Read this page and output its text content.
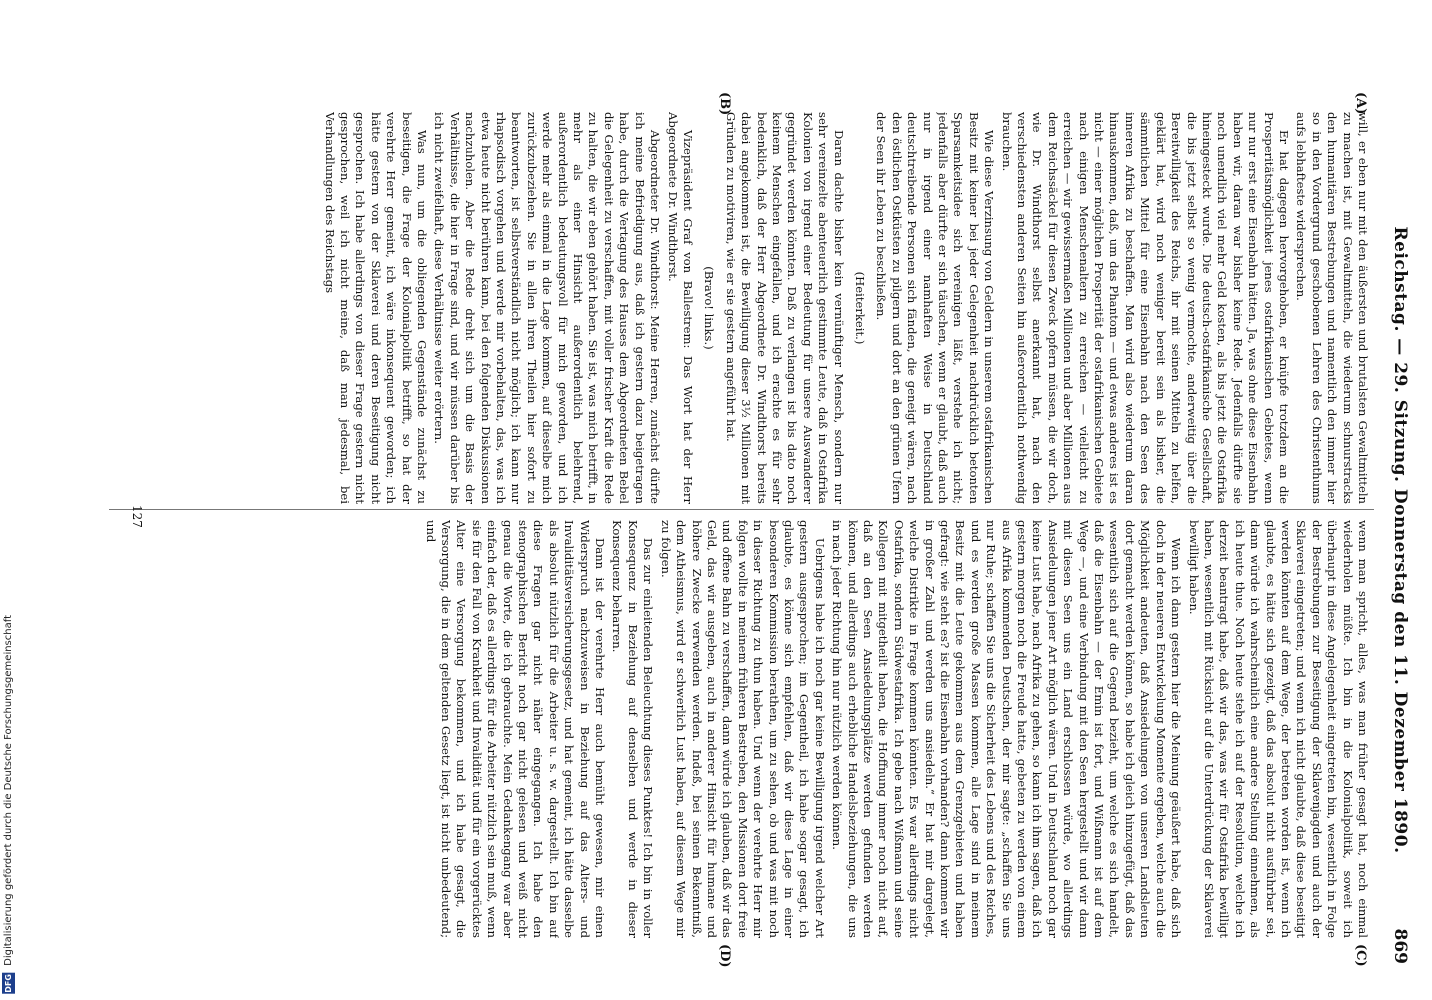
Reichstag. — 29. Sitzung. Donnerstag den 11. Dezember 1890.
869
(A)
(B)
(C)
(D)

will, er eben nur mit den äußersten und brutalsten Gewaltmitteln zu machen ist, mit Gewaltmitteln, die wiederum schnurstracks den humanitären Bestrebungen und namentlich den immer hier so in den Vordergrund geschobenen Lehren des Christenthums aufs lebhafteste widersprechen.

Er hat dagegen hervorgehoben, er knüpfe trotzdem an die Prosperitätsmöglichkeit jenes ostafrikanischen Gebietes, wenn nur nur erst eine Eisenbahn hätten. Ja, was ohne diese Eisenbahn haben wir, daran war bisher keine Rede. Jedenfalls dürfte sie noch unendlich viel mehr Geld kosten, als bis jetzt die Ostafrika hineingesteckt wurde. Die deutsch-ostafrikanische Gesellschaft, die bis jetzt selbst so wenig vermochte, anderweitig über die Bereitwilligkeit des Reichs, ihr mit seinen Mitteln zu helfen, geklärt hat, wird noch weniger bereit sein als bisher, die sämmtlichen Mittel für eine Eisenbahn nach den Seen des inneren Afrika zu beschaffen. Man wird also wiederum daran hinauskommen, daß, um das Phantom — und etwas anderes ist es nicht — einer möglichen Prosperität der ostafrikanischen Gebiete nach einigen Menschenaltern zu erreichen — vielleicht zu erreichen — wir gewissermaßen Millionen und aber Millionen aus dem Reichssäckel für diesen Zweck opfern müssen, die wir doch, wie Dr. Windthorst selbst anerkannt hat, nach den verschiedensten anderen Seiten hin außerordentlich nothwendig brauchen.

Wie diese Verzinsung von Geldern in unserem ostafrikanischen Besitz mit keiner bei jeder Gelegenheit nachdrücklich betonten Sparsamkeitsidee sich vereinigen läßt, verstehe ich nicht; jedenfalls aber dürfte er sich täuschen, wenn er glaubt, daß auch nur in irgend einer namhaften Weise in Deutschland deutschtreibende Personen sich fänden, die geneigt wären, nach den östlichen Ostküsten zu pilgern und dort an den grünen Ufern der Seen ihr Leben zu beschließen.

(Heiterkeit.)

Daran dachte bisher kein vernünftiger Mensch, sondern nur sehr vereinzelte abenteuerlich gestimmte Leute, daß in Ostafrika Kolonien von irgend einer Bedeutung für unsere Auswanderer gegründet werden könnten. Daß zu verlangen ist bis dato noch keinem Menschen eingefallen, und ich erachte es für sehr bedenklich, daß der Herr Abgeordnete Dr. Windthorst bereits dabei angekommen ist, die Bewilligung dieser 3½ Millionen mit Gründen zu motiviren, wie er sie gestern angeführt hat.

(Bravo! links.)

Vizepräsident Graf von Ballestrem: Das Wort hat der Herr Abgeordnete Dr. Windthorst.

Abgeordneter Dr. Windthorst: Meine Herren, zunächst dürfte ich meine Befriedigung aus, daß ich gestern dazu beigetragen habe, durch die Vertagung des Hauses dem Abgeordneten Bebel die Gelegenheit zu verschaffen, mit voller frischer Kraft die Rede zu halten, die wir eben gehört haben. Sie ist, was mich betrifft, in mehr als einer Hinsicht außerordentlich belehrend, außerordentlich bedeutungsvoll für mich geworden, und ich werde mehr als einmal in die Lage kommen, auf dieselbe mich zurückzubeziehen. Sie in allen ihren Theilen hier sofort zu beantworten, ist selbstverständlich nicht möglich; ich kann nur rhapsodisch vorgehen und werde mir vorbehalten, das, was ich etwa heute nicht berühren kann, bei den folgenden Diskussionen nachzuholen. Aber die Rede dreht sich um die Basis der Verhältnisse, die hier in Frage sind, und wir müssen darüber bis ich nicht zweifelhaft, diese Verhältnisse weiter erörtern.

Was nun, um die obliegenden Gegenstände zunächst zu beseitigen, die Frage der Kolonialpolitik betrifft, so hat der verehrte Herr gemeint, ich wäre inkonsequent geworden; ich hätte gestern von der Sklaverei und deren Beseitigung nicht gesprochen. Ich habe allerdings von dieser Frage gestern nicht gesprochen, weil ich nicht meine, daß man jedesmal, bei Verhandlungen des Reichstags

wenn man spricht, alles, was man früher gesagt hat, noch einmal wiederholen müßte. Ich bin in die Kolonialpolitik, soweit ich überhaupt in diese Angelegenheit eingetreten bin, wesentlich in Folge der Bestrebungen zur Beseitigung der Sklavenjagden und auch der Sklaverei eingetreten; und wenn ich nicht glaubte, daß diese beseitigt werden könnten auf dem Wege, der betreten worden ist, wenn ich glaubte, es hätte sich gezeigt, daß das absolut nicht ausführbar sei, dann würde ich wahrscheinlich eine andere Stellung einnehmen, als ich heute thue. Noch heute stehe ich auf der Resolution, welche ich derzeit beantragt habe, daß wir das, was wir für Ostafrika bewilligt haben, wesentlich mit Rücksicht auf die Unterdrückung der Sklaverei bewilligt haben.

Wenn ich dann gestern hier die Meinung geäußert habe, daß sich doch in der neueren Entwickelung Momente ergeben, welche auch die Möglichkeit andeuten, daß Ansiedelungen von unseren Landsleuten dort gemacht werden können, so habe ich gleich hinzugefügt, daß das wesentlich sich auf die Gegend bezieht, um welche es sich handelt, daß die Eisenbahn — der Emin ist fort, und Wißmann ist auf dem Wege —, und eine Verbindung mit den Seen hergestellt und wir dann mit diesen Seen uns ein Land erschlossen würde, wo allerdings Ansiedelungen jener Art möglich wären. Und in Deutschland noch gar keine Lust habe, nach Afrika zu gehen, so kann ich ihm sagen, daß ich gestern morgen noch die Freude hatte, gebeten zu werden von einem aus Afrika kommenden Deutschen, der mir sagte: „schaffen Sie uns nur Ruhe; schaffen Sie uns die Sicherheit des Lebens und des Reiches, und es werden große Massen kommen, alle Lage sind in meinem Besitz mit die Leute gekommen aus dem Grenzgebieten und haben gefragt: wie steht es? ist die Eisenbahn vorhanden? dann kommen wir in großer Zahl und werden uns ansiedeln.“ Er hat mir dargelegt, welche Distrikte in Frage kommen könnten. Es war allerdings nicht Ostafrika, sondern Südwestafrika. Ich gebe nach Wißmann und seine Kollegen mit mitgetheilt haben, die Hoffnung immer noch nicht auf, daß an den Seen Ansiedelungsplätze werden gefunden werden können, und allerdings auch erhebliche Handelsbeziehungen, die uns in nach jeder Richtung hin nur nützlich werden können.

Uebrigens habe ich noch gar keine Bewilligung irgend welcher Art gestern ausgesprochen; im Gegentheil, ich habe sogar gesagt, ich glaubte, es könne sich empfehlen, daß wir diese Lage in einer besonderen Kommission berathen, um zu sehen, ob und was mit noch in dieser Richtung zu thun haben. Und wenn der verehrte Herr mir folgen wollte in meinem früheren Bestreben, den Missionen dort freie und offene Bahn zu verschaffen, dann würde ich glauben, daß wir das Geld, das wir ausgeben, auch in anderer Hinsicht für humane und höhere Zwecke verwenden werden. Indeß, bei seinen Bekenntniß, dem Atheismus, wird er schwerlich Lust haben, auf diesem Wege mir zu folgen.

Das zur einleitenden Beleuchtung dieses Punktes! Ich bin in voller Konsequenz in Beziehung auf denselben und werde in dieser Konsequenz beharren.

Dann ist der verehrte Herr auch bemüht gewesen, mir einen Widerspruch nachzuweisen in Beziehung auf das Alters- und Invaliditätsversicherungsgesetz, und hat gemeint, ich hätte dasselbe als absolut nützlich für die Arbeiter u. s. w. dargestellt. Ich bin auf diese Fragen gar nicht näher eingegangen. Ich habe den stenographischen Bericht noch gar nicht gelesen und weiß nicht genau die Worte, die ich gebrauchte. Mein Gedankengang war aber einfach der, daß es allerdings für die Arbeiter nützlich sein muß, wenn sie für den Fall von Krankheit und Invalidität und für ein vorgerücktes Alter eine Versorgung bekommen, und ich habe gesagt, die Versorgung, die in dem geltenden Gesetz liegt, ist nicht unbedeutend; und

127
DFG Digitalisierung gefördert durch die Deutsche Forschungsgemeinschaft
